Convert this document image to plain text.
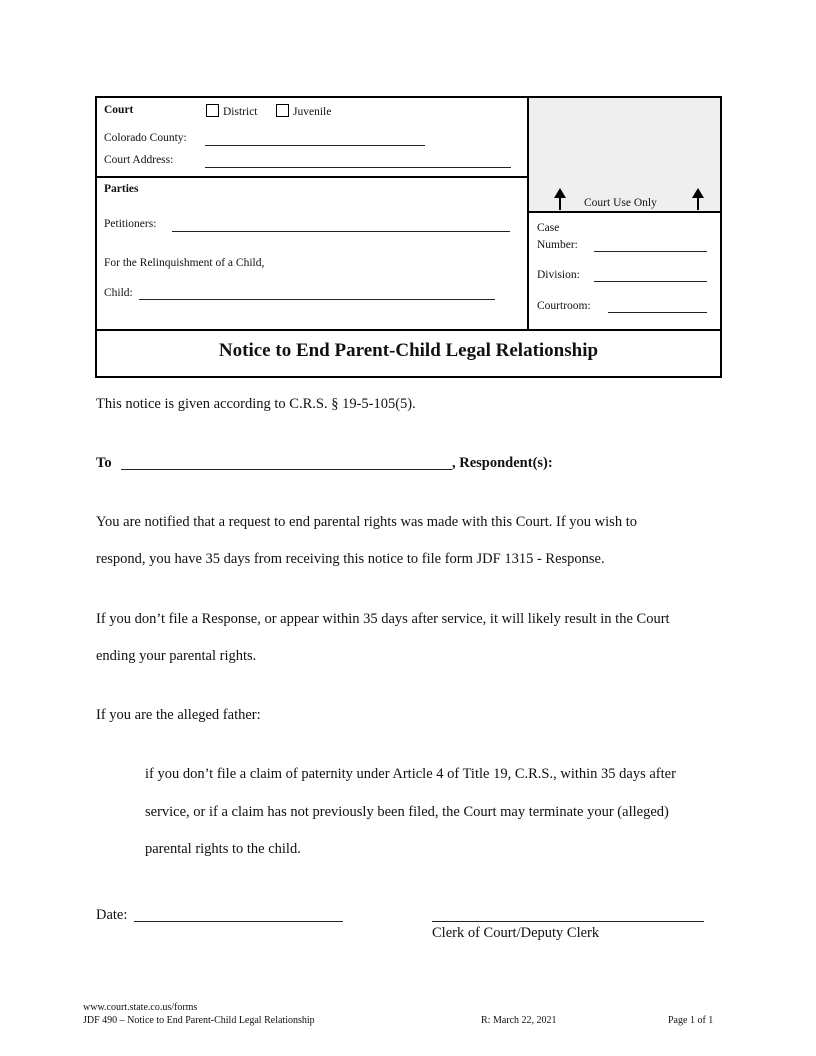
Court	District	Juvenile
Colorado County:
Court Address:
Parties
Petitioners:
For the Relinquishment of a Child,
Child:
Court Use Only
Case
Number:
Division:
Courtroom:
Notice to End Parent-Child Legal Relationship
This notice is given according to C.R.S. § 19-5-105(5).
To	, Respondent(s):
You are notified that a request to end parental rights was made with this Court. If you wish to
respond, you have 35 days from receiving this notice to file form JDF 1315 - Response.
If you don’t file a Response, or appear within 35 days after service, it will likely result in the Court
ending your parental rights.
If you are the alleged father:
if you don’t file a claim of paternity under Article 4 of Title 19, C.R.S., within 35 days after
service, or if a claim has not previously been filed, the Court may terminate your (alleged)
parental rights to the child.
Date:
Clerk of Court/Deputy Clerk
www.court.state.co.us/forms
JDF 490 – Notice to End Parent-Child Legal Relationship	R: March 22, 2021	Page 1 of 1
